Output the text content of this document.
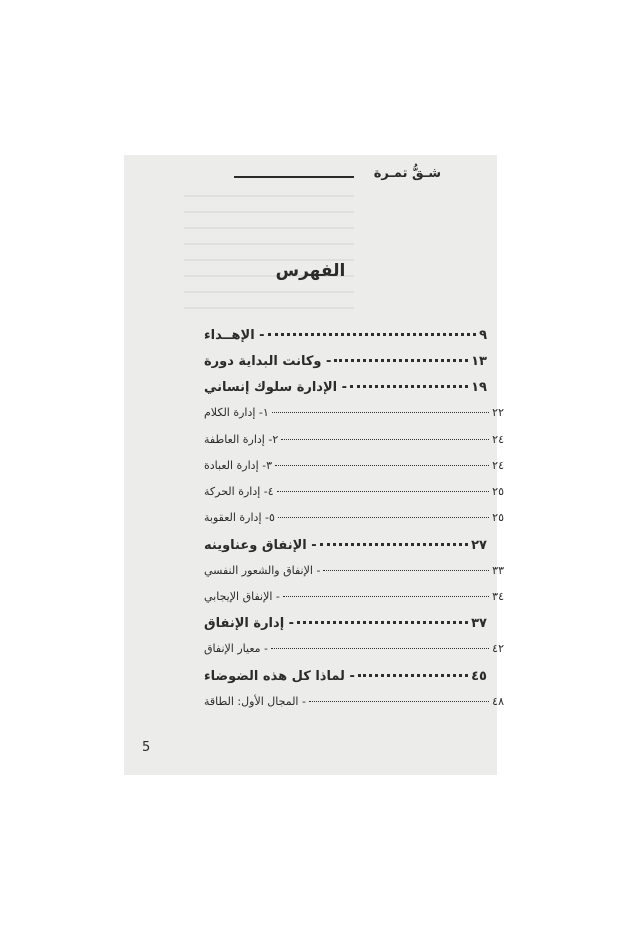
شـقُّ تمـرة
الفهرس
- الإهــداء	٩
- وكانت البداية دورة	١٣
- الإدارة سلوك إنساني	١٩
١- إدارة الكلام	٢٢
٢- إدارة العاطفة	٢٤
٣- إدارة العبادة	٢٤
٤- إدارة الحركة	٢٥
٥- إدارة العقوبة	٢٥
- الإنفاق وعناوينه	٢٧
- الإنفاق والشعور النفسي	٣٣
- الإنفاق الإيجابي	٣٤
- إدارة الإنفاق	٣٧
- معيار الإنفاق	٤٢
- لماذا كل هذه الضوضاء	٤٥
- المجال الأول: الطاقة	٤٨
5
